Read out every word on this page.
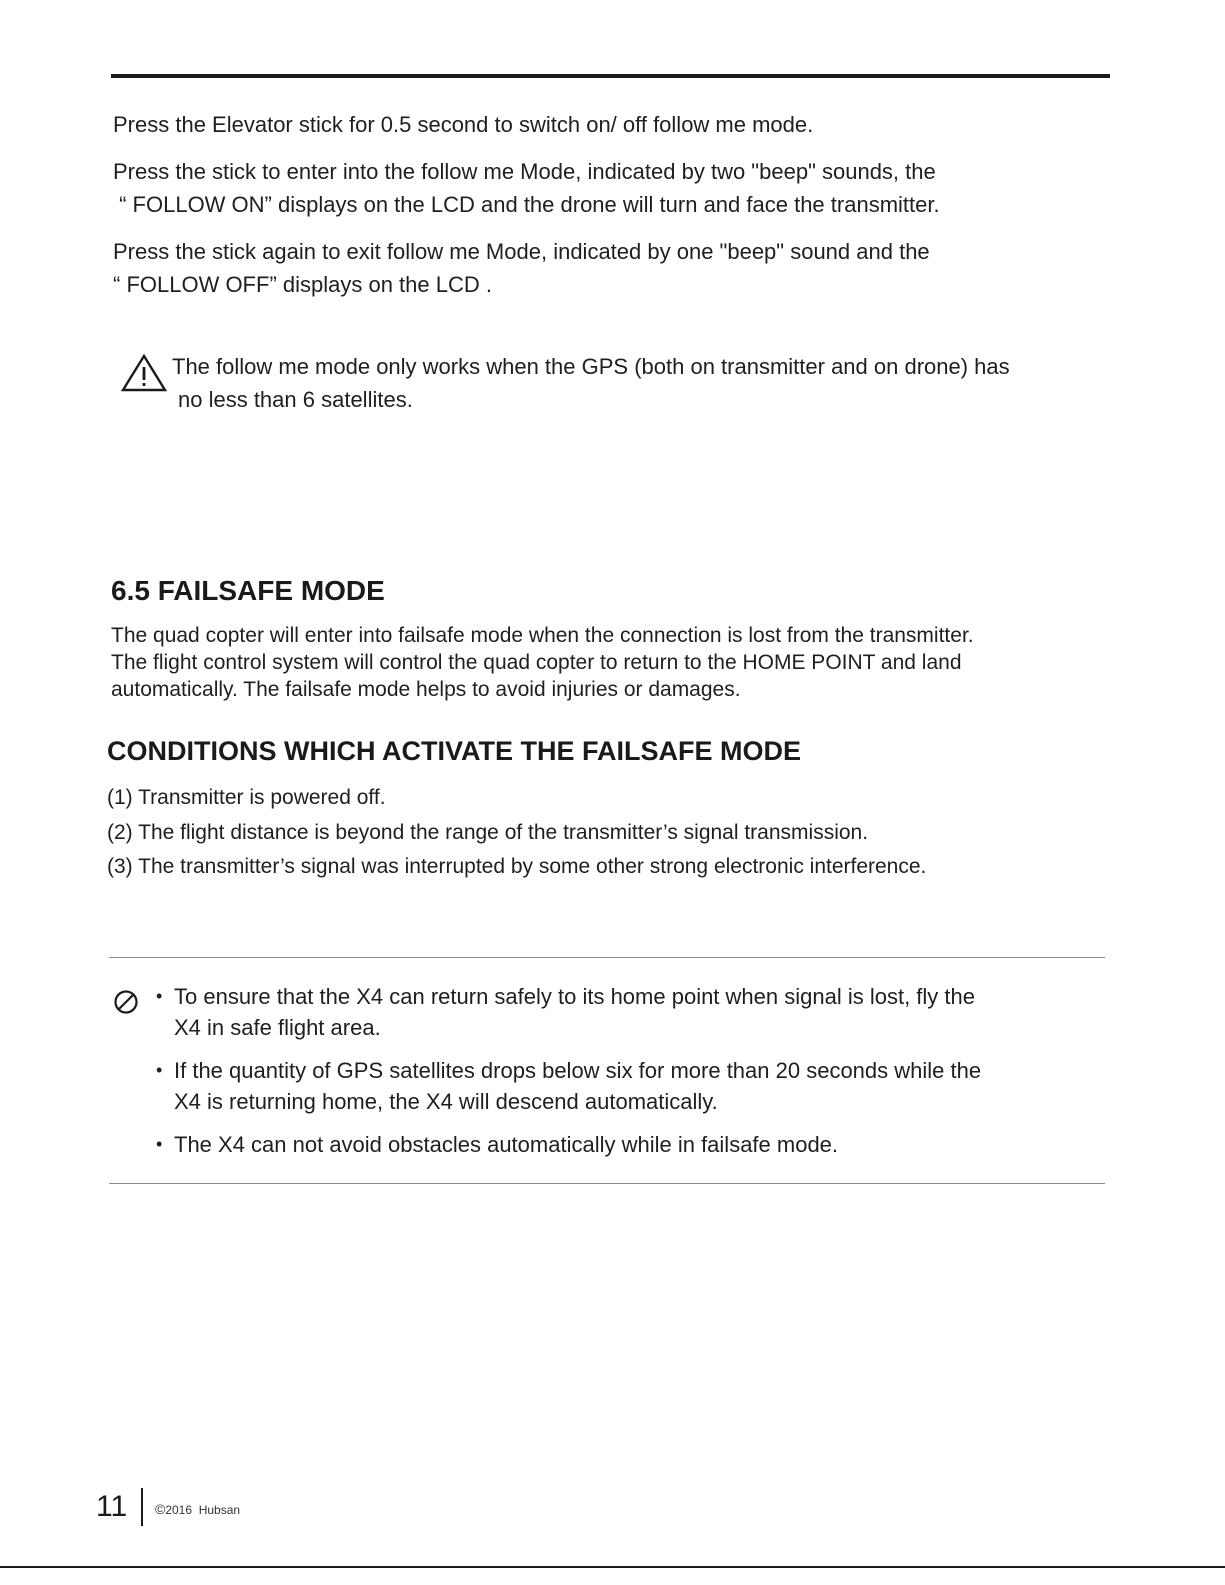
Press the Elevator stick for 0.5 second to switch on/ off follow me mode.

Press the stick to enter into the follow me Mode, indicated by two "beep" sounds, the
“ FOLLOW ON” displays on the LCD and the drone will turn and face the transmitter.
Press the stick again to exit follow me Mode, indicated by one "beep" sound and the
“ FOLLOW OFF” displays on the LCD .
The follow me mode only works when the GPS (both on transmitter and on drone) has
no less than 6 satellites.
6.5 FAILSAFE MODE
The quad copter will enter into failsafe mode when the connection is lost from the transmitter.
The flight control system will control the quad copter to return to the HOME POINT and land
automatically. The failsafe mode helps to avoid injuries or damages.
CONDITIONS WHICH ACTIVATE THE FAILSAFE MODE
(1) Transmitter is powered off.
(2) The flight distance is beyond the range of the transmitter’s signal transmission.
(3) The transmitter’s signal was interrupted by some other strong electronic interference.
• To ensure that the X4 can return safely to its home point when signal is lost, fly the
X4 in safe flight area.
• If the quantity of GPS satellites drops below six for more than 20 seconds while the
X4 is returning home, the X4 will descend automatically.
• The X4 can not avoid obstacles automatically while in failsafe mode.
11 ©2016  Hubsan
